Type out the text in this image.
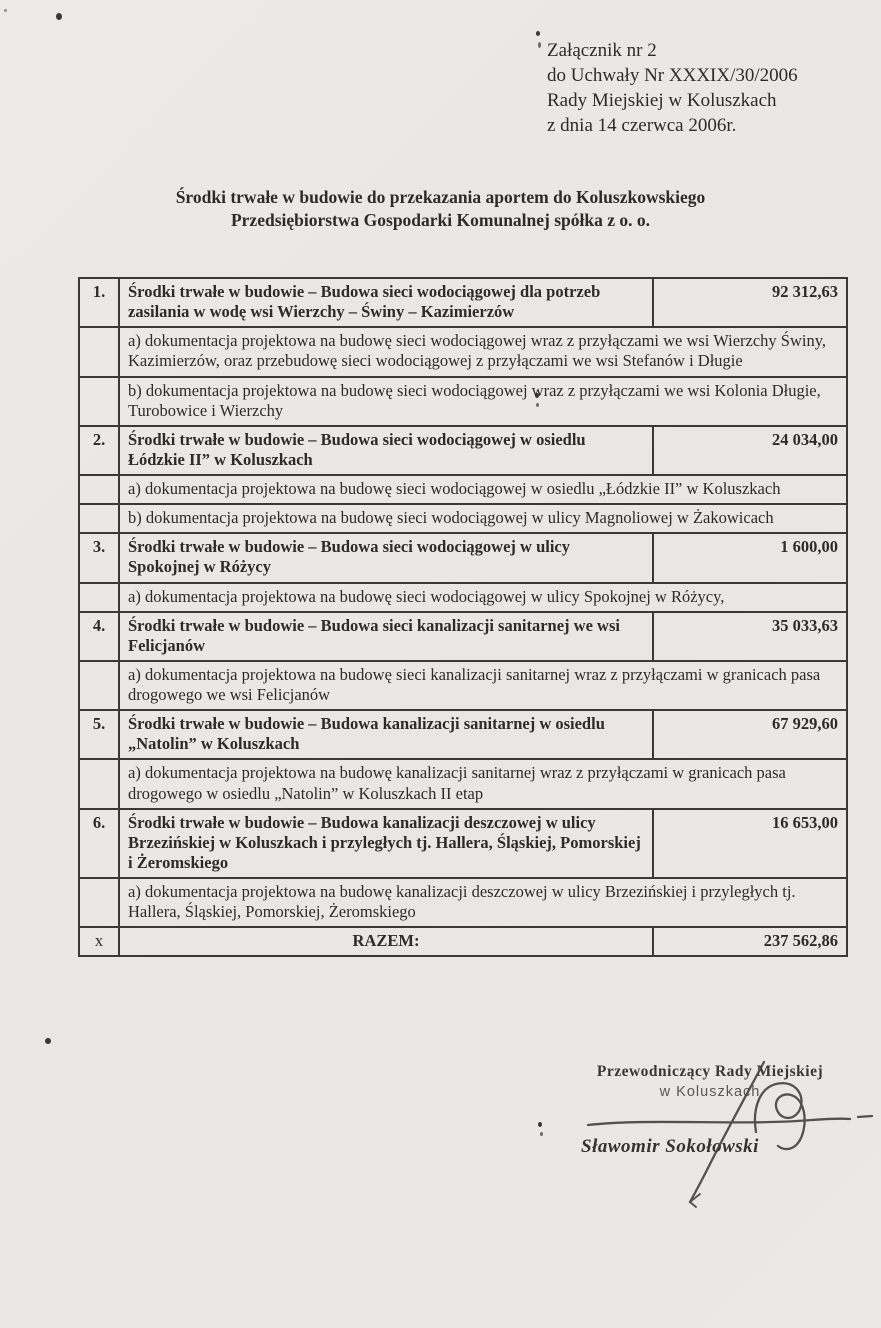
Załącznik nr 2
do Uchwały Nr XXXIX/30/2006
Rady Miejskiej w Koluszkach
z dnia 14 czerwca 2006r.
Środki trwałe w budowie do przekazania aportem do Koluszkowskiego Przedsiębiorstwa Gospodarki Komunalnej spółka z o. o.
1.	Środki trwałe w budowie – Budowa sieci wodociągowej dla potrzeb zasilania w wodę wsi Wierzchy – Świny – Kazimierzów	92 312,63
	a) dokumentacja projektowa na budowę sieci wodociągowej wraz z przyłączami we wsi Wierzchy Świny, Kazimierzów, oraz przebudowę sieci wodociągowej z przyłączami we wsi Stefanów i Długie	
	b) dokumentacja projektowa na budowę sieci wodociągowej wraz z przyłączami we wsi Kolonia Długie, Turobowice i Wierzchy	
2.	Środki trwałe w budowie – Budowa sieci wodociągowej w osiedlu Łódzkie II” w Koluszkach	24 034,00
	a) dokumentacja projektowa na budowę sieci wodociągowej w osiedlu „Łódzkie II” w Koluszkach	
	b) dokumentacja projektowa na budowę sieci wodociągowej w ulicy Magnoliowej w Żakowicach	
3.	Środki trwałe w budowie – Budowa sieci wodociągowej w ulicy Spokojnej w Różycy	1 600,00
	a) dokumentacja projektowa na budowę sieci wodociągowej w ulicy Spokojnej w Różycy,	
4.	Środki trwałe w budowie – Budowa sieci kanalizacji sanitarnej we wsi Felicjanów	35 033,63
	a) dokumentacja projektowa na budowę sieci kanalizacji sanitarnej wraz z przyłączami w granicach pasa drogowego we wsi Felicjanów	
5.	Środki trwałe w budowie – Budowa kanalizacji sanitarnej w osiedlu „Natolin” w Koluszkach	67 929,60
	a) dokumentacja projektowa na budowę kanalizacji sanitarnej wraz z przyłączami w granicach pasa drogowego w osiedlu „Natolin” w Koluszkach II etap	
6.	Środki trwałe w budowie – Budowa kanalizacji deszczowej w ulicy Brzezińskiej w Koluszkach i przyległych tj. Hallera, Śląskiej, Pomorskiej i Żeromskiego	16 653,00
	a) dokumentacja projektowa na budowę kanalizacji deszczowej w ulicy Brzezińskiej i przyległych tj. Hallera, Śląskiej, Pomorskiej, Żeromskiego	
x	RAZEM:	237 562,86
Przewodniczący Rady Miejskiej
w Koluszkach
Sławomir Sokołowski
